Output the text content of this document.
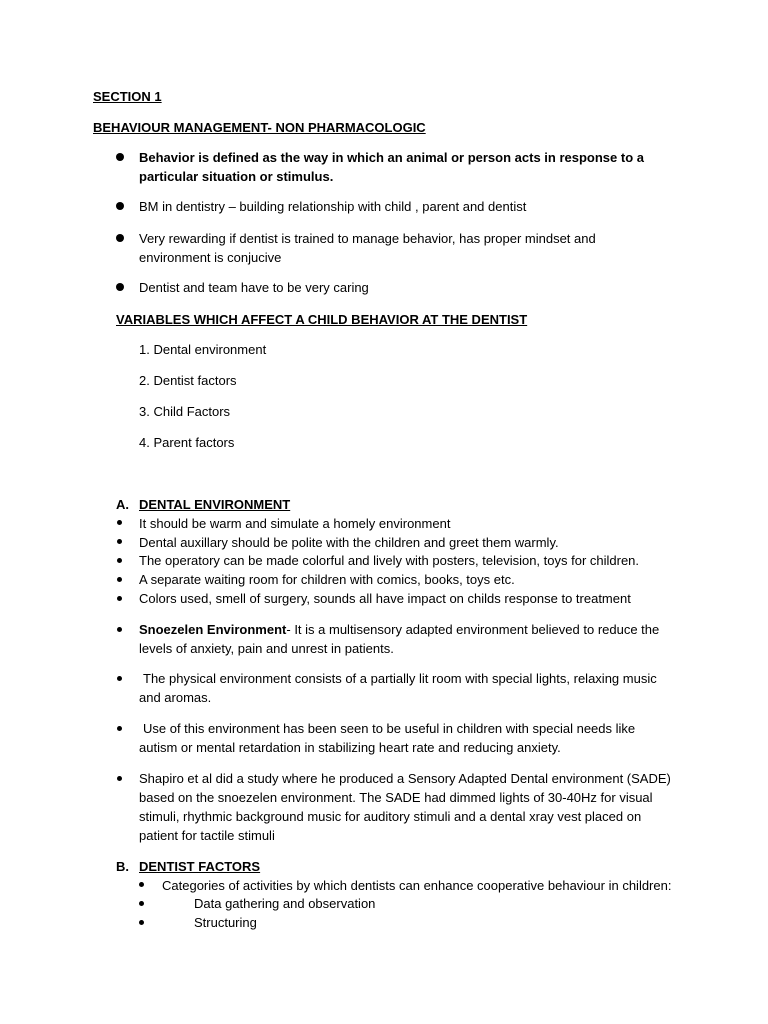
SECTION 1
BEHAVIOUR MANAGEMENT- NON PHARMACOLOGIC
Behavior is defined as the way in which an animal or person acts in response to a
particular situation or stimulus.
BM in dentistry – building relationship with child , parent and dentist
Very rewarding if dentist is trained to manage behavior, has proper mindset and
environment is conjucive
Dentist and team have to be very caring
VARIABLES WHICH AFFECT A CHILD BEHAVIOR AT THE DENTIST
1. Dental environment
2. Dentist factors
3. Child Factors
4. Parent factors
A. DENTAL ENVIRONMENT
It should be warm and simulate a homely environment
Dental auxillary should be polite with the children and greet them warmly.
The operatory can be made colorful and lively with posters, television, toys for children.
A separate waiting room for children with comics, books, toys etc.
Colors used, smell of surgery, sounds all have impact on childs response to treatment
Snoezelen Environment- It is a multisensory adapted environment believed to reduce the
levels of anxiety, pain and unrest in patients.
The physical environment consists of a partially lit room with special lights, relaxing music
and aromas.
Use of this environment has been seen to be useful in children with special needs like
autism or mental retardation in stabilizing heart rate and reducing anxiety.
Shapiro et al did a study where he produced a Sensory Adapted Dental environment (SADE)
based on the snoezelen environment. The SADE had dimmed lights of 30-40Hz for visual
stimuli, rhythmic background music for auditory stimuli and a dental xray vest placed on
patient for tactile stimuli
B. DENTIST FACTORS
Categories of activities by which dentists can enhance cooperative behaviour in children:
Data gathering and observation
Structuring
